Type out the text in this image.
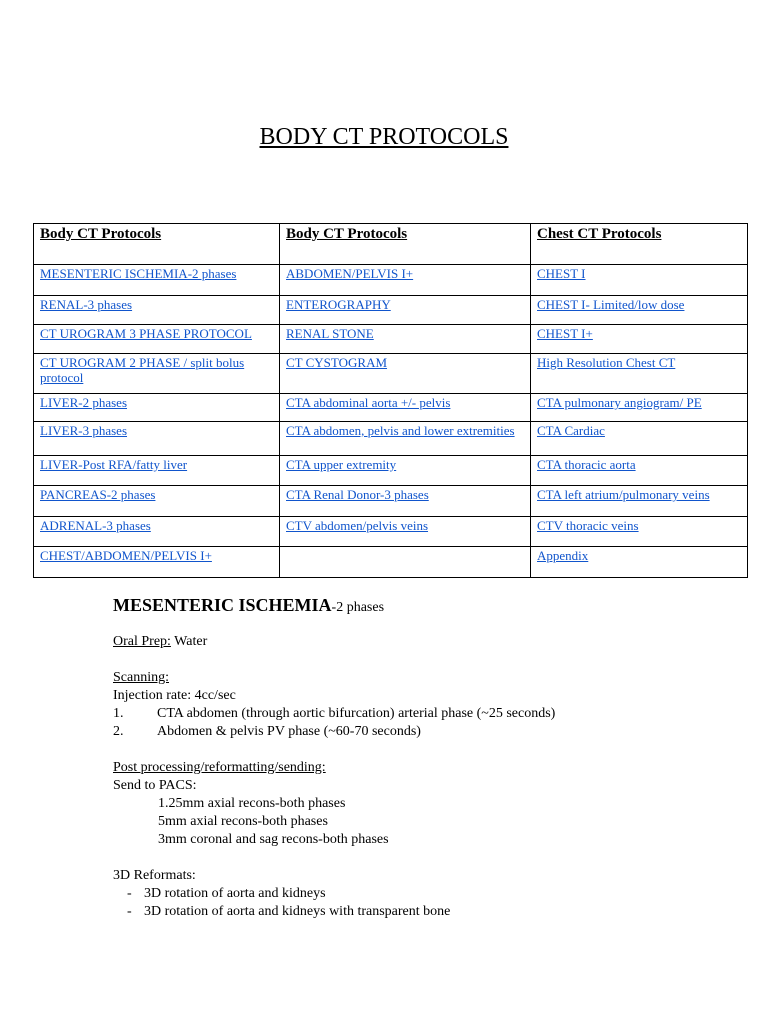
BODY CT PROTOCOLS
Body CT Protocols	Body CT Protocols	Chest CT Protocols
MESENTERIC ISCHEMIA-2 phases	ABDOMEN/PELVIS I+	CHEST I
RENAL-3 phases	ENTEROGRAPHY	CHEST I- Limited/low dose
CT UROGRAM 3 PHASE PROTOCOL	RENAL STONE	CHEST I+
CT UROGRAM 2 PHASE / split bolus protocol	CT CYSTOGRAM	High Resolution Chest CT
LIVER-2 phases	CTA abdominal aorta +/- pelvis	CTA pulmonary angiogram/ PE
LIVER-3 phases	CTA abdomen, pelvis and lower extremities	CTA Cardiac
LIVER-Post RFA/fatty liver	CTA upper extremity	CTA thoracic aorta
PANCREAS-2 phases	CTA Renal Donor-3 phases	CTA left atrium/pulmonary veins
ADRENAL-3 phases	CTV abdomen/pelvis veins	CTV thoracic veins
CHEST/ABDOMEN/PELVIS I+		Appendix
MESENTERIC ISCHEMIA-2 phases
Oral Prep: Water
Scanning:
Injection rate: 4cc/sec
1. CTA abdomen (through aortic bifurcation) arterial phase (~25 seconds)
2. Abdomen & pelvis PV phase (~60-70 seconds)
Post processing/reformatting/sending:
Send to PACS:
1.25mm axial recons-both phases
5mm axial recons-both phases
3mm coronal and sag recons-both phases
3D Reformats:
- 3D rotation of aorta and kidneys
- 3D rotation of aorta and kidneys with transparent bone
